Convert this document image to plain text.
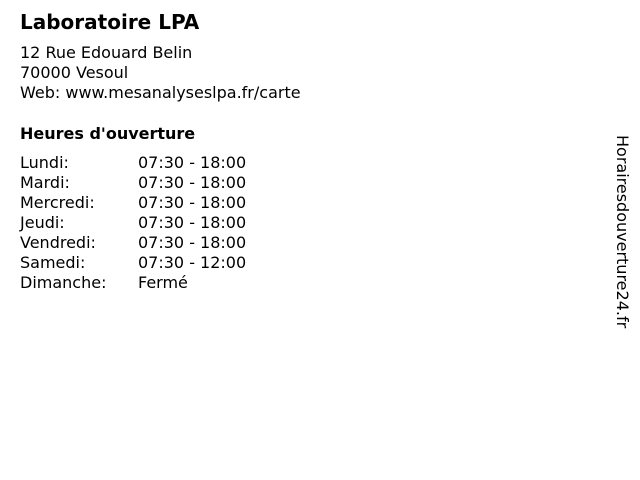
Laboratoire LPA
12 Rue Edouard Belin
70000 Vesoul
Web: www.mesanalyseslpa.fr/carte
Heures d'ouverture
Lundi:	07:30 - 18:00
Mardi:	07:30 - 18:00
Mercredi:	07:30 - 18:00
Jeudi:	07:30 - 18:00
Vendredi:	07:30 - 18:00
Samedi:	07:30 - 12:00
Dimanche: Fermé	Horairesdouverture24.fr
